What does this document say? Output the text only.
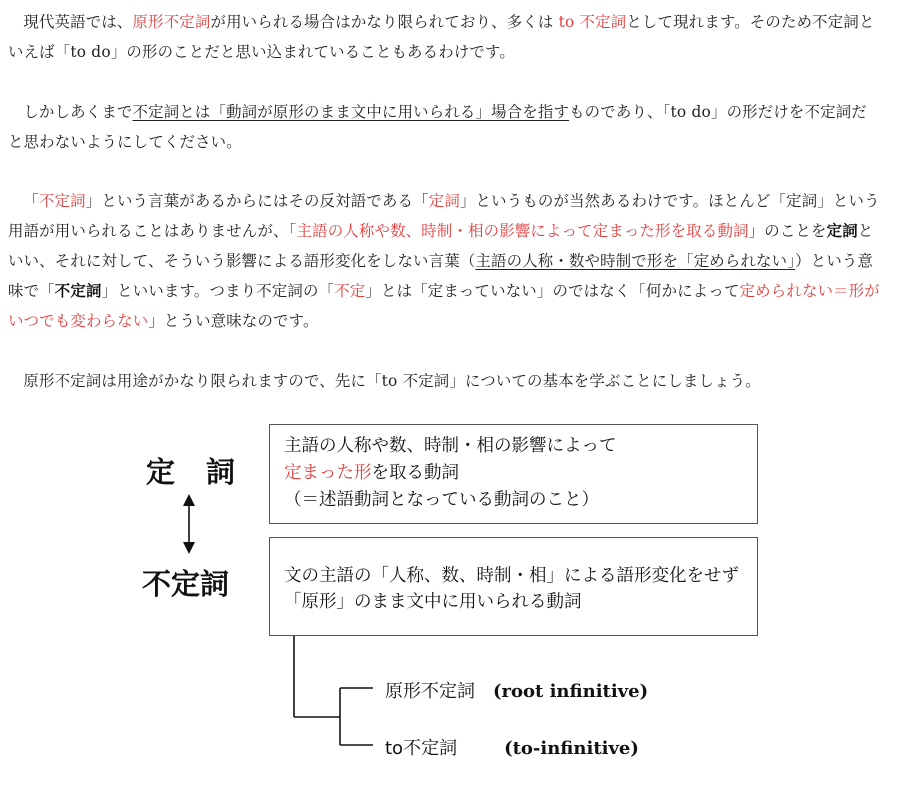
現代英語では、原形不定詞が用いられる場合はかなり限られており、多くは to 不定詞として現れます。そのため不定詞といえば「to do」の形のことだと思い込まれていることもあるわけです。

しかしあくまで不定詞とは「動詞が原形のまま文中に用いられる」場合を指すものであり、「to do」の形だけを不定詞だと思わないようにしてください。

「不定詞」という言葉があるからにはその反対語である「定詞」というものが当然あるわけです。ほとんど「定詞」という用語が用いられることはありませんが、「主語の人称や数、時制・相の影響によって定まった形を取る動詞」のことを定詞といい、それに対して、そういう影響による語形変化をしない言葉（主語の人称・数や時制で形を「定められない」）という意味で「不定詞」といいます。つまり不定詞の「不定」とは「定まっていない」のではなく「何かによって定められない＝形がいつでも変わらない」とうい意味なのです。

原形不定詞は用途がかなり限られますので、先に「to 不定詞」についての基本を学ぶことにしましょう。

定 詞
不定詞
主語の人称や数、時制・相の影響によって
定まった形を取る動詞
（＝述語動詞となっている動詞のこと）
文の主語の「人称、数、時制・相」による語形変化をせず
「原形」のまま文中に用いられる動詞
原形不定詞 (root infinitive)
to不定詞	(to-infinitive)
